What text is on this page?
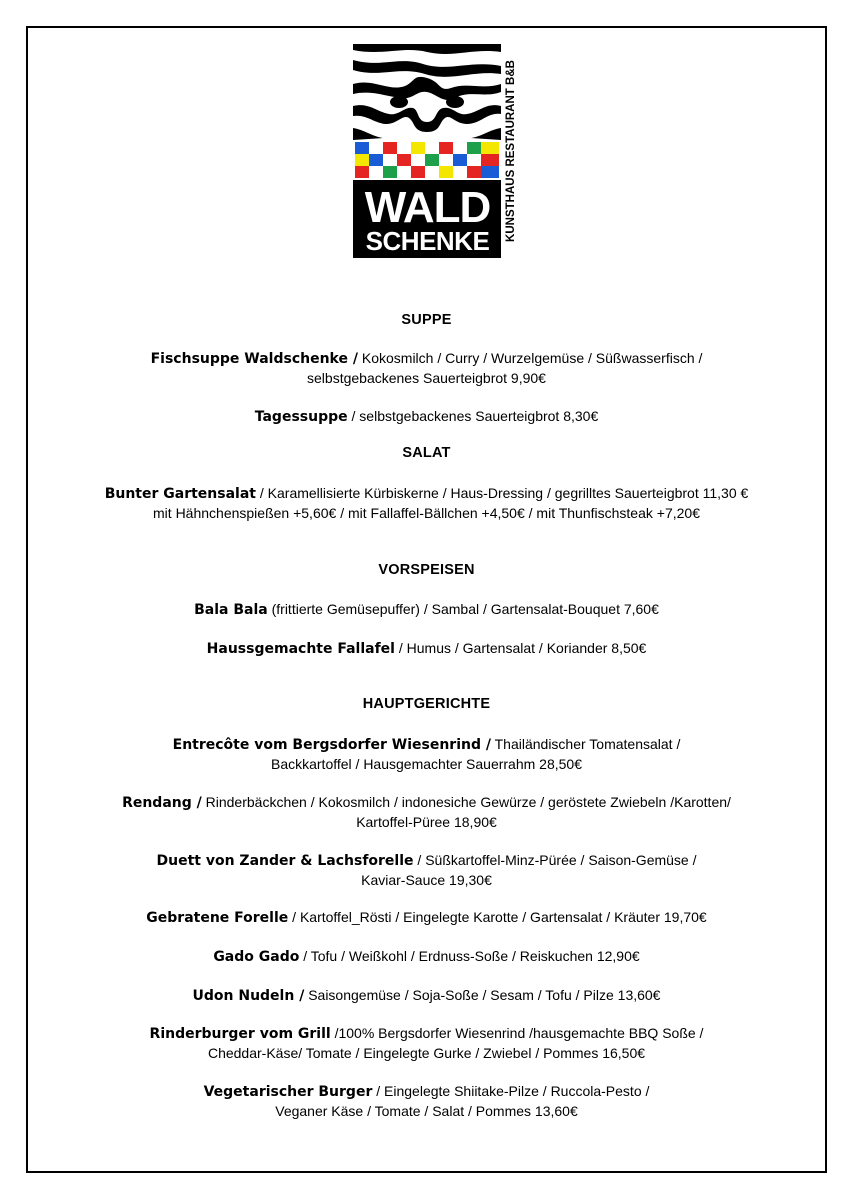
WALD
SCHENKE	KUNSTHAUS RESTAURANT B&B
SUPPE
Fischsuppe Waldschenke / Kokosmilch / Curry / Wurzelgemüse / Süßwasserfisch /
selbstgebackenes Sauerteigbrot 9,90€
Tagessuppe / selbstgebackenes Sauerteigbrot 8,30€
SALAT
Bunter Gartensalat / Karamellisierte Kürbiskerne / Haus-Dressing / gegrilltes Sauerteigbrot 11,30 €
mit Hähnchenspießen +5,60€ / mit Fallaffel-Bällchen +4,50€ / mit Thunfischsteak +7,20€
VORSPEISEN
Bala Bala (frittierte Gemüsepuffer) / Sambal / Gartensalat-Bouquet 7,60€
Haussgemachte Fallafel / Humus / Gartensalat / Koriander 8,50€
HAUPTGERICHTE
Entrecôte vom Bergsdorfer Wiesenrind / Thailändischer Tomatensalat /
Backkartoffel / Hausgemachter Sauerrahm 28,50€
Rendang / Rinderbäckchen / Kokosmilch / indonesiche Gewürze / geröstete Zwiebeln /Karotten/
Kartoffel-Püree 18,90€
Duett von Zander & Lachsforelle / Süßkartoffel-Minz-Pürée / Saison-Gemüse /
Kaviar-Sauce 19,30€
Gebratene Forelle / Kartoffel_Rösti / Eingelegte Karotte / Gartensalat / Kräuter 19,70€
Gado Gado / Tofu / Weißkohl / Erdnuss-Soße / Reiskuchen 12,90€
Udon Nudeln / Saisongemüse / Soja-Soße / Sesam / Tofu / Pilze 13,60€
Rinderburger vom Grill /100% Bergsdorfer Wiesenrind /hausgemachte BBQ Soße /
Cheddar-Käse/ Tomate / Eingelegte Gurke / Zwiebel / Pommes 16,50€
Vegetarischer Burger / Eingelegte Shiitake-Pilze / Ruccola-Pesto /
Veganer Käse / Tomate / Salat / Pommes 13,60€
